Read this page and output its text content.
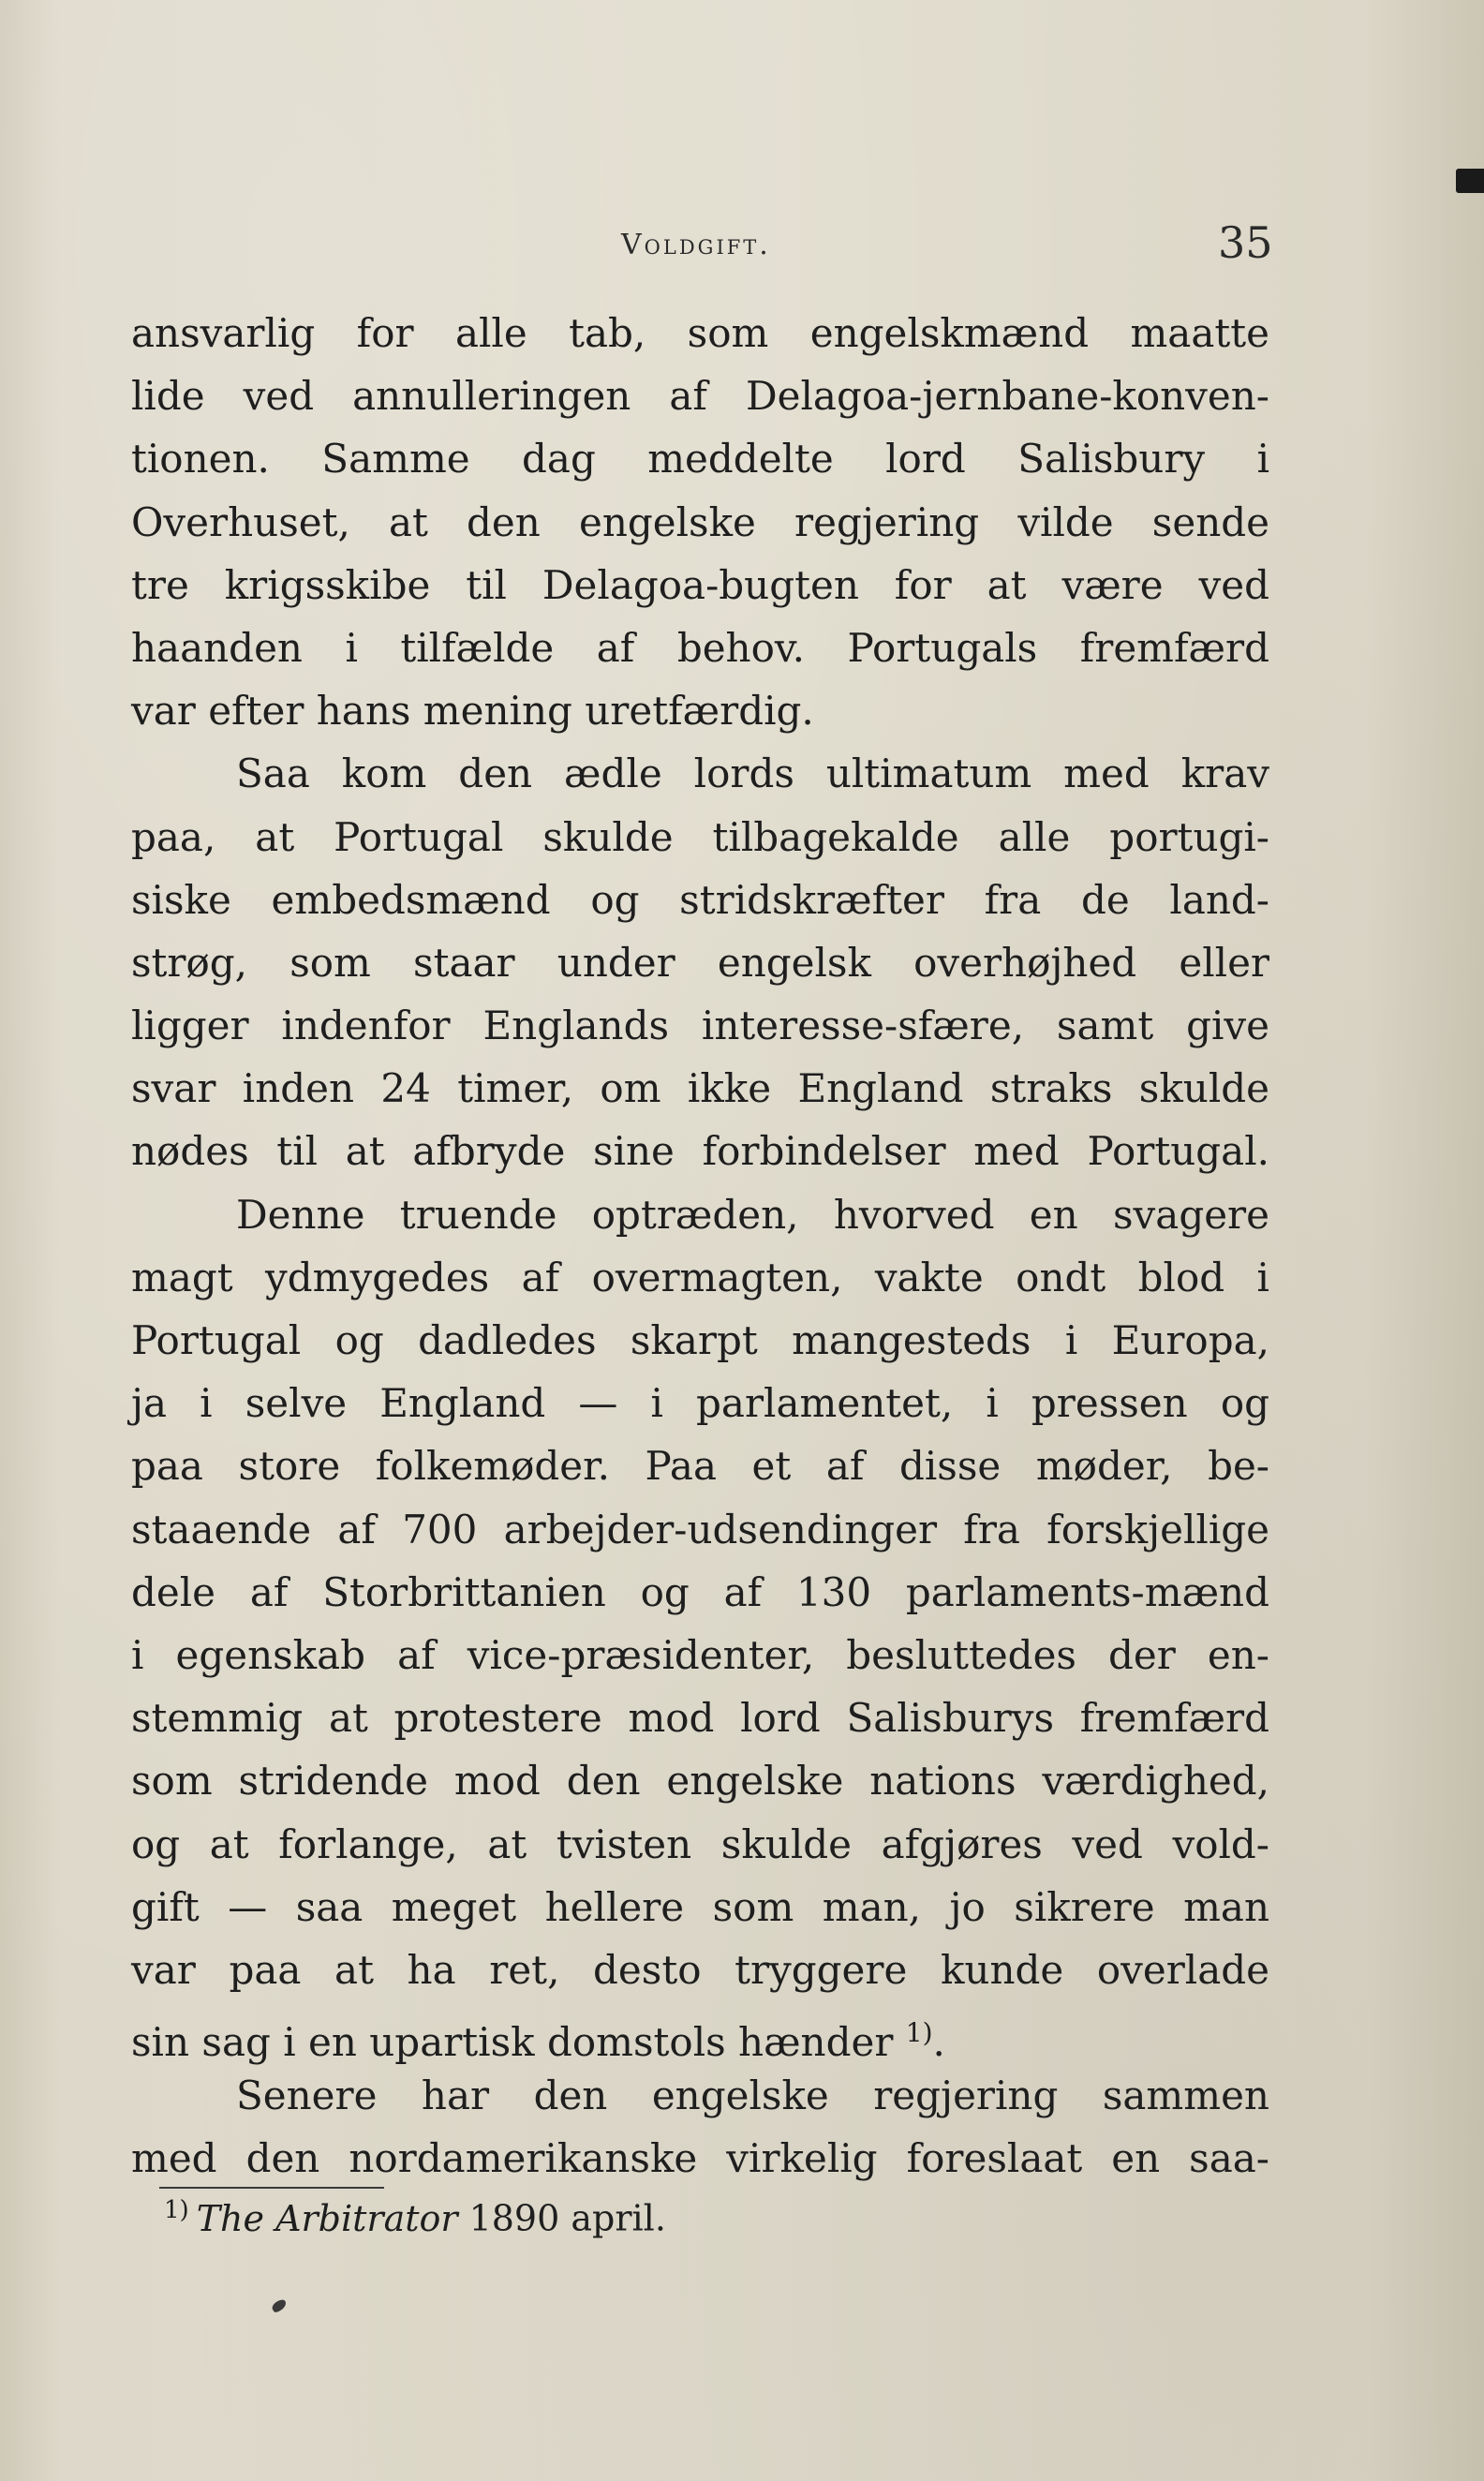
Voldgift.	35
ansvarlig for alle tab, som engelskmænd maatte
lide ved annulleringen af Delagoa-jernbane-konven-
tionen. Samme dag meddelte lord Salisbury i
Overhuset, at den engelske regjering vilde sende
tre krigsskibe til Delagoa-bugten for at være ved
haanden i tilfælde af behov. Portugals fremfærd
var efter hans mening uretfærdig.
Saa kom den ædle lords ultimatum med krav
paa, at Portugal skulde tilbagekalde alle portugi-
siske embedsmænd og stridskræfter fra de land-
strøg, som staar under engelsk overhøjhed eller
ligger indenfor Englands interesse-sfære, samt give
svar inden 24 timer, om ikke England straks skulde
nødes til at afbryde sine forbindelser med Portugal.
Denne truende optræden, hvorved en svagere
magt ydmygedes af overmagten, vakte ondt blod i
Portugal og dadledes skarpt mangesteds i Europa,
ja i selve England — i parlamentet, i pressen og
paa store folkemøder. Paa et af disse møder, be-
staaende af 700 arbejder-udsendinger fra forskjellige
dele af Storbrittanien og af 130 parlaments-mænd
i egenskab af vice-præsidenter, besluttedes der en-
stemmig at protestere mod lord Salisburys fremfærd
som stridende mod den engelske nations værdighed,
og at forlange, at tvisten skulde afgjøres ved vold-
gift — saa meget hellere som man, jo sikrere man
var paa at ha ret, desto tryggere kunde overlade
sin sag i en upartisk domstols hænder $^{1)}$.
Senere har den engelske regjering sammen
med den nordamerikanske virkelig foreslaat en saa-
$^{1)}$ The Arbitrator 1890 april.
